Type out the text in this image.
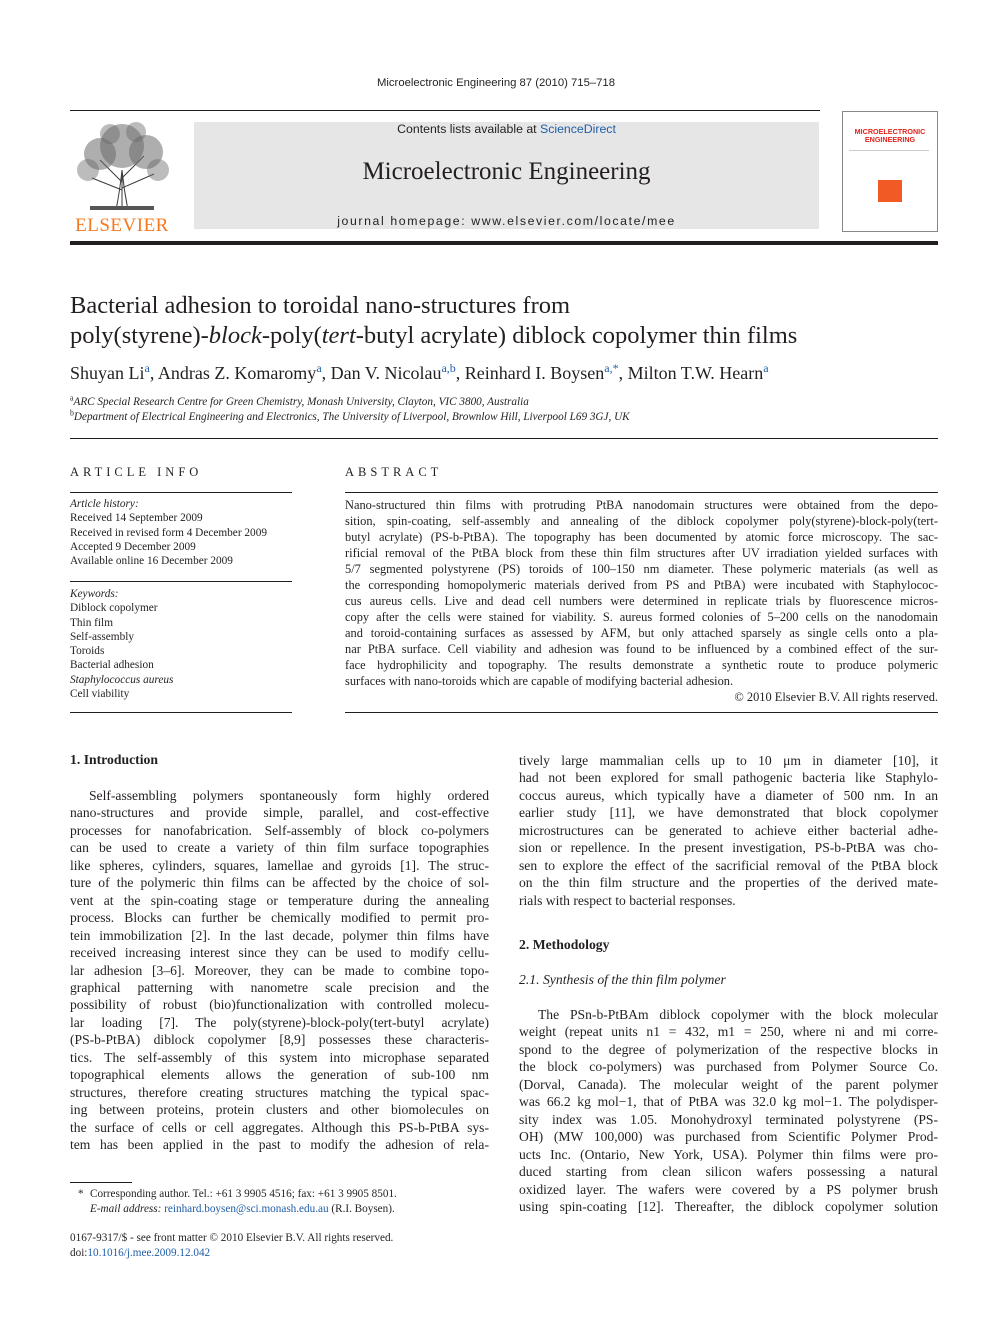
Microelectronic Engineering 87 (2010) 715–718
ELSEVIER
Contents lists available at ScienceDirect
Microelectronic Engineering
journal homepage: www.elsevier.com/locate/mee
MICROELECTRONIC
ENGINEERING
Bacterial adhesion to toroidal nano-structures from
poly(styrene)-block-poly(tert-butyl acrylate) diblock copolymer thin films
Shuyan Li$^a$, Andras Z. Komaromy$^a$, Dan V. Nicolau$^{a,b}$, Reinhard I. Boysen$^{a,*}$, Milton T.W. Hearn$^a$
$^a$ARC Special Research Centre for Green Chemistry, Monash University, Clayton, VIC 3800, Australia
$^b$Department of Electrical Engineering and Electronics, The University of Liverpool, Brownlow Hill, Liverpool L69 3GJ, UK
ARTICLE INFO
Article history:
Received 14 September 2009
Received in revised form 4 December 2009
Accepted 9 December 2009
Available online 16 December 2009
Keywords:
Diblock copolymer
Thin film
Self-assembly
Toroids
Bacterial adhesion
Staphylococcus aureus
Cell viability
ABSTRACT
Nano-structured thin films with protruding PtBA nanodomain structures were obtained from the depo-
sition, spin-coating, self-assembly and annealing of the diblock copolymer poly(styrene)-block-poly(tert-
butyl acrylate) (PS-b-PtBA). The topography has been documented by atomic force microscopy. The sac-
rificial removal of the PtBA block from these thin film structures after UV irradiation yielded surfaces with
5/7 segmented polystyrene (PS) toroids of 100–150 nm diameter. These polymeric materials (as well as
the corresponding homopolymeric materials derived from PS and PtBA) were incubated with Staphylococ-
cus aureus cells. Live and dead cell numbers were determined in replicate trials by fluorescence micros-
copy after the cells were stained for viability. S. aureus formed colonies of 5–200 cells on the nanodomain
and toroid-containing surfaces as assessed by AFM, but only attached sparsely as single cells onto a pla-
nar PtBA surface. Cell viability and adhesion was found to be influenced by a combined effect of the sur-
face hydrophilicity and topography. The results demonstrate a synthetic route to produce polymeric
surfaces with nano-toroids which are capable of modifying bacterial adhesion.
© 2010 Elsevier B.V. All rights reserved.
1. Introduction
Self-assembling polymers spontaneously form highly ordered
nano-structures and provide simple, parallel, and cost-effective
processes for nanofabrication. Self-assembly of block co-polymers
can be used to create a variety of thin film surface topographies
like spheres, cylinders, squares, lamellae and gyroids [1]. The struc-
ture of the polymeric thin films can be affected by the choice of sol-
vent at the spin-coating stage or temperature during the annealing
process. Blocks can further be chemically modified to permit pro-
tein immobilization [2]. In the last decade, polymer thin films have
received increasing interest since they can be used to modify cellu-
lar adhesion [3–6]. Moreover, they can be made to combine topo-
graphical patterning with nanometre scale precision and the
possibility of robust (bio)functionalization with controlled molecu-
lar loading [7]. The poly(styrene)-block-poly(tert-butyl acrylate)
(PS-b-PtBA) diblock copolymer [8,9] possesses these characteris-
tics. The self-assembly of this system into microphase separated
topographical elements allows the generation of sub-100 nm
structures, therefore creating structures matching the typical spac-
ing between proteins, protein clusters and other biomolecules on
the surface of cells or cell aggregates. Although this PS-b-PtBA sys-
tem has been applied in the past to modify the adhesion of rela-
* Corresponding author. Tel.: +61 3 9905 4516; fax: +61 3 9905 8501.
E-mail address: reinhard.boysen@sci.monash.edu.au (R.I. Boysen).
0167-9317/$ - see front matter © 2010 Elsevier B.V. All rights reserved.
doi:10.1016/j.mee.2009.12.042
tively large mammalian cells up to 10 μm in diameter [10], it
had not been explored for small pathogenic bacteria like Staphylo-
coccus aureus, which typically have a diameter of 500 nm. In an
earlier study [11], we have demonstrated that block copolymer
microstructures can be generated to achieve either bacterial adhe-
sion or repellence. In the present investigation, PS-b-PtBA was cho-
sen to explore the effect of the sacrificial removal of the PtBA block
on the thin film structure and the properties of the derived mate-
rials with respect to bacterial responses.
2. Methodology
2.1. Synthesis of the thin film polymer
The PSn-b-PtBAm diblock copolymer with the block molecular
weight (repeat units n1 = 432, m1 = 250, where ni and mi corre-
spond to the degree of polymerization of the respective blocks in
the block co-polymers) was purchased from Polymer Source Co.
(Dorval, Canada). The molecular weight of the parent polymer
was 66.2 kg mol−1, that of PtBA was 32.0 kg mol−1. The polydisper-
sity index was 1.05. Monohydroxyl terminated polystyrene (PS-
OH) (MW 100,000) was purchased from Scientific Polymer Prod-
ucts Inc. (Ontario, New York, USA). Polymer thin films were pro-
duced starting from clean silicon wafers possessing a natural
oxidized layer. The wafers were covered by a PS polymer brush
using spin-coating [12]. Thereafter, the diblock copolymer solution
